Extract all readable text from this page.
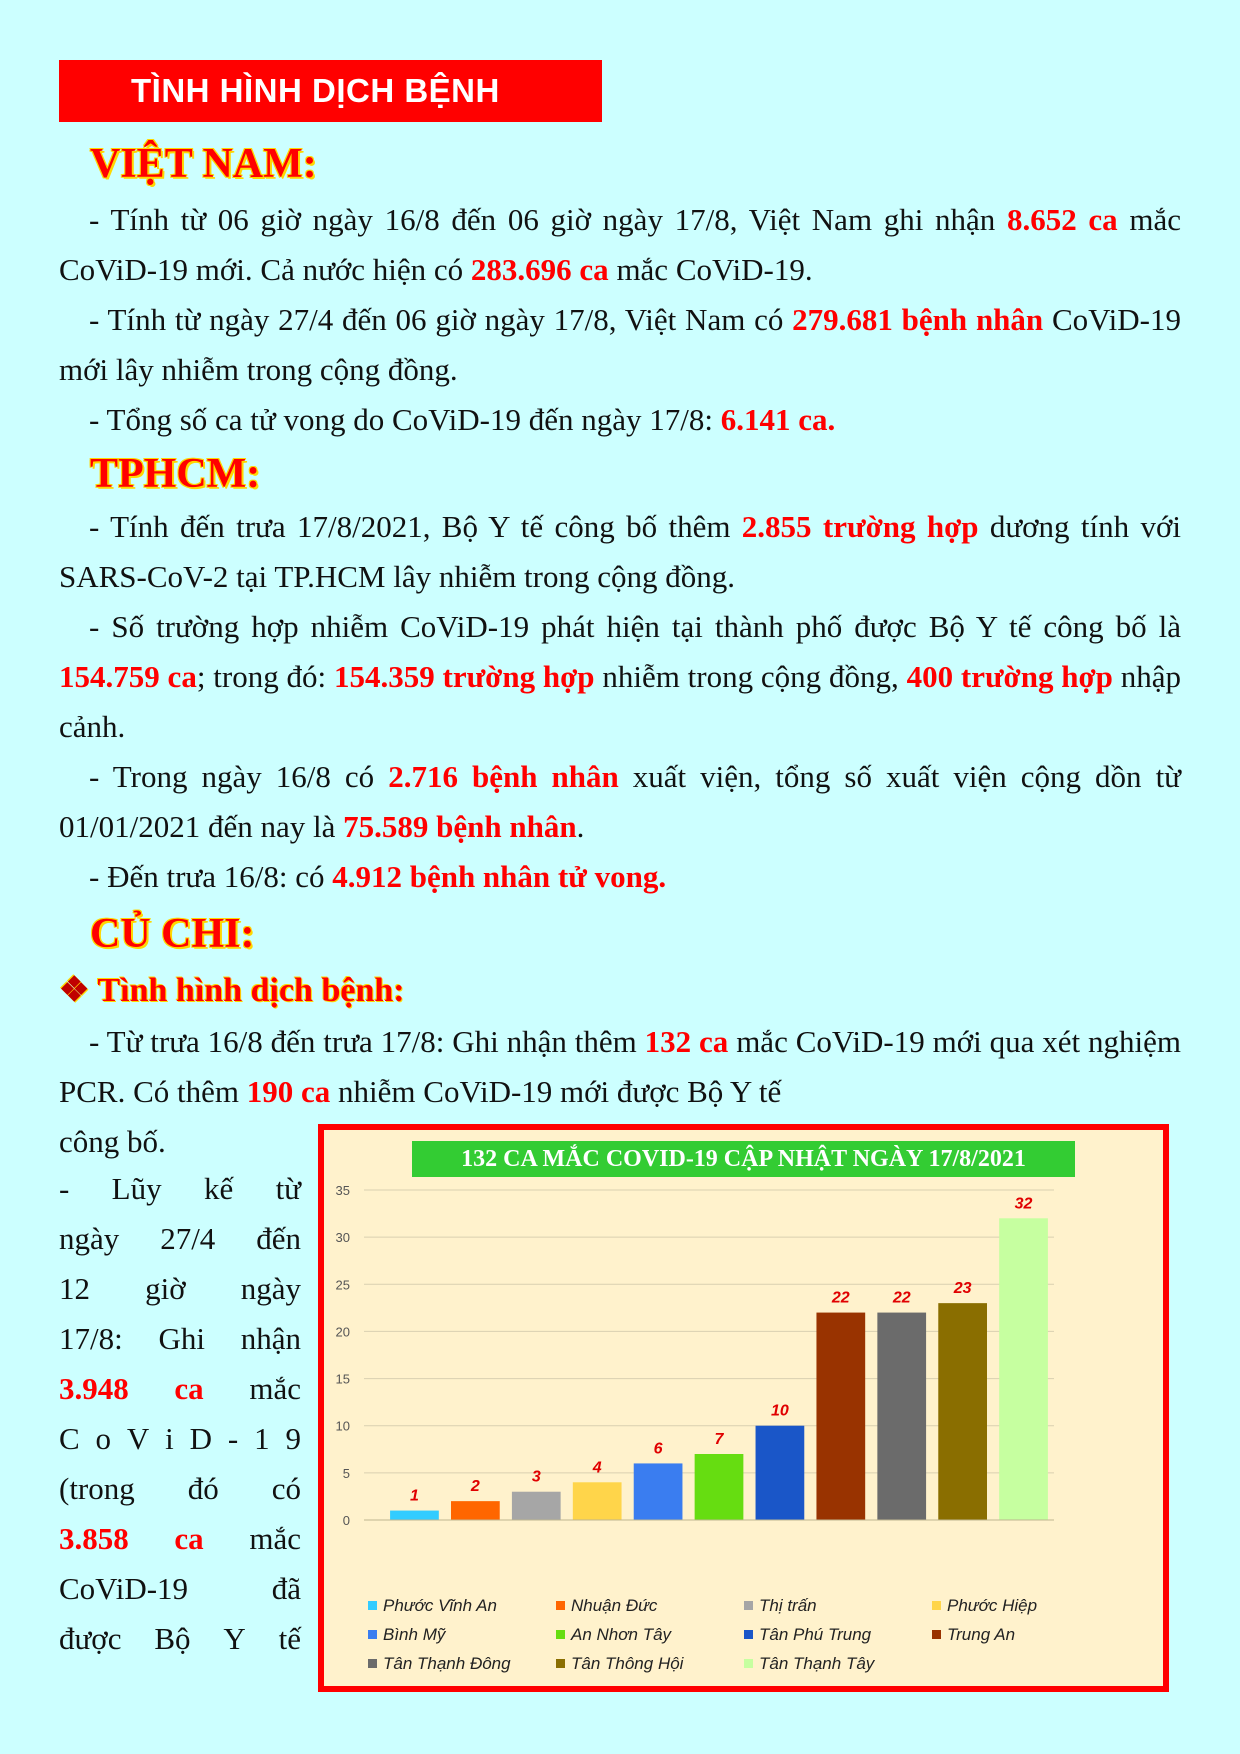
TÌNH HÌNH DỊCH BỆNH
VIỆT NAM:

- Tính từ 06 giờ ngày 16/8 đến 06 giờ ngày 17/8, Việt Nam ghi nhận 8.652 ca mắc CoViD-19 mới. Cả nước hiện có 283.696 ca mắc CoViD-19.

- Tính từ ngày 27/4 đến 06 giờ ngày 17/8, Việt Nam có 279.681 bệnh nhân CoViD-19 mới lây nhiễm trong cộng đồng.

- Tổng số ca tử vong do CoViD-19 đến ngày 17/8: 6.141 ca.

TPHCM:

- Tính đến trưa 17/8/2021, Bộ Y tế công bố thêm 2.855 trường hợp dương tính với SARS-CoV-2 tại TP.HCM lây nhiễm trong cộng đồng.

- Số trường hợp nhiễm CoViD-19 phát hiện tại thành phố được Bộ Y tế công bố là 154.759 ca; trong đó: 154.359 trường hợp nhiễm trong cộng đồng, 400 trường hợp nhập cảnh.

- Trong ngày 16/8 có 2.716 bệnh nhân xuất viện, tổng số xuất viện cộng dồn từ 01/01/2021 đến nay là 75.589 bệnh nhân.

- Đến trưa 16/8: có 4.912 bệnh nhân tử vong.

CỦ CHI:
❖ Tình hình dịch bệnh:

- Từ trưa 16/8 đến trưa 17/8: Ghi nhận thêm 132 ca mắc CoViD-19 mới qua xét nghiệm PCR. Có thêm 190 ca nhiễm CoViD-19 mới được Bộ Y tế

công bố.
- Lũy kế từ
ngày 27/4 đến
12 giờ ngày
17/8: Ghi nhận
3.948 ca mắc
C o V i D - 1 9
(trong đó có
3.858 ca mắc
CoViD-19	đã
được Bộ Y tế
132 CA MẮC COVID-19 CẬP NHẬT NGÀY 17/8/2021
0
5
10
15
20
25
30
35
1
2
3
4
6
7
10
22	22
23
32
Phước Vĩnh An	Nhuận Đức	Thị trấn	Phước Hiệp
Bình Mỹ	An Nhơn Tây	Tân Phú Trung	Trung An
Tân Thạnh Đông	Tân Thông Hội	Tân Thạnh Tây
